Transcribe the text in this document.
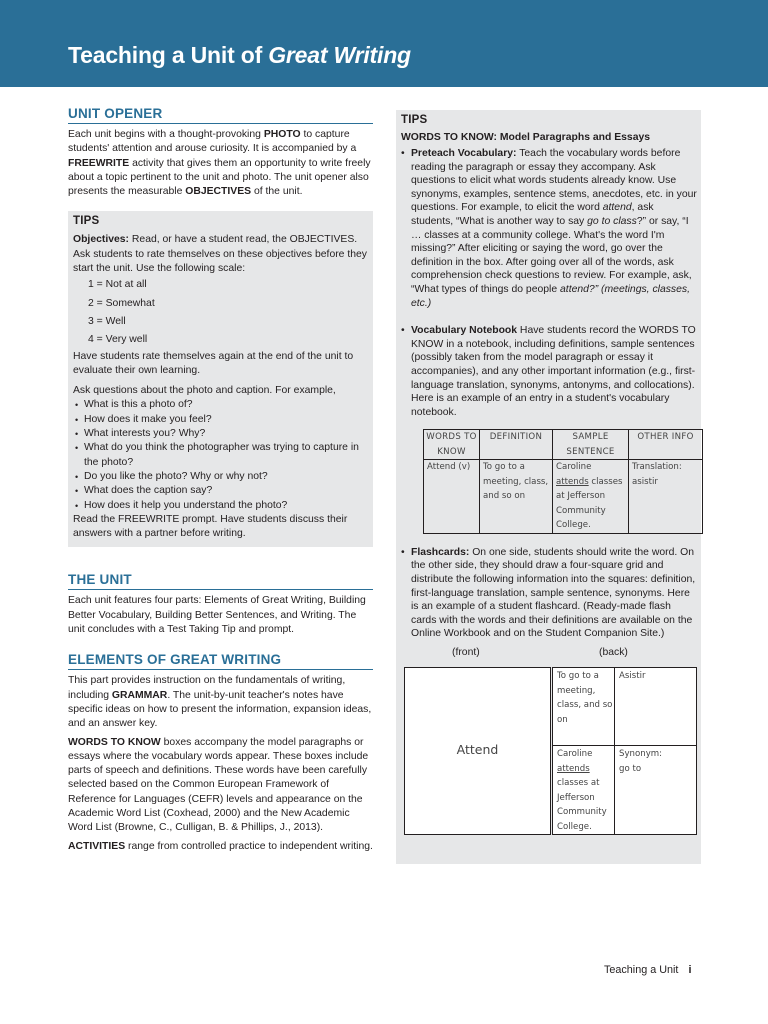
Teaching a Unit of Great Writing
UNIT OPENER

Each unit begins with a thought-provoking PHOTO to capture students' attention and arouse curiosity. It is accompanied by a FREEWRITE activity that gives them an opportunity to write freely about a topic pertinent to the unit and photo. The unit opener also presents the measurable OBJECTIVES of the unit.

TIPS

Objectives: Read, or have a student read, the OBJECTIVES. Ask students to rate themselves on these objectives before they start the unit. Use the following scale:

1 = Not at all
2 = Somewhat
3 = Well
4 = Very well

Have students rate themselves again at the end of the unit to evaluate their own learning.

Ask questions about the photo and caption. For example,

• What is this a photo of?
• How does it make you feel?
• What interests you? Why?
• What do you think the photographer was trying to capture in the photo?
• Do you like the photo? Why or why not?
• What does the caption say?
• How does it help you understand the photo?

Read the FREEWRITE prompt. Have students discuss their answers with a partner before writing.

THE UNIT

Each unit features four parts: Elements of Great Writing, Building Better Vocabulary, Building Better Sentences, and Writing. The unit concludes with a Test Taking Tip and prompt.

ELEMENTS OF GREAT WRITING

This part provides instruction on the fundamentals of writing, including GRAMMAR. The unit-by-unit teacher's notes have specific ideas on how to present the information, expansion ideas, and an answer key.

WORDS TO KNOW boxes accompany the model paragraphs or essays where the vocabulary words appear. These boxes include parts of speech and definitions. These words have been carefully selected based on the Common European Framework of Reference for Languages (CEFR) levels and appearance on the Academic Word List (Coxhead, 2000) and the New Academic Word List (Browne, C., Culligan, B. & Phillips, J., 2013).

ACTIVITIES range from controlled practice to independent writing.

TIPS
WORDS TO KNOW: Model Paragraphs and Essays
• Preteach Vocabulary: Teach the vocabulary words before reading the paragraph or essay they accompany. Ask questions to elicit what words students already know. Use synonyms, examples, sentence stems, anecdotes, etc. in your questions. For example, to elicit the word attend, ask students, “What is another way to say go to class?” or say, “I … classes at a community college. What's the word I'm missing?” After eliciting or saying the word, go over the definition in the box. After going over all of the words, ask comprehension check questions to review. For example, ask, “What types of things do people attend?” (meetings, classes, etc.)
• Vocabulary Notebook Have students record the WORDS TO KNOW in a notebook, including definitions, sample sentences (possibly taken from the model paragraph or essay it accompanies), and any other important information (e.g., first-language translation, synonyms, antonyms, and collocations). Here is an example of an entry in a student's vocabulary notebook.
WORDS TO KNOW	DEFINITION	SAMPLE SENTENCE	OTHER INFO
Attend (v)	To go to a meeting, class, and so on	Caroline attends classes at Jefferson Community College.	Translation: asistir
• Flashcards: On one side, students should write the word. On the other side, they should draw a four-square grid and distribute the following information into the squares: definition, first-language translation, sample sentence, synonyms. Here is an example of a student flashcard. (Ready-made flash cards with the words and their definitions are available on the Online Workbook and on the Student Companion Site.)
(front)	(back)
Attend
To go to a meeting, class, and so on
Asistir
Caroline attends classes at Jefferson Community College.
Synonym: go to
Teaching a Unit i
